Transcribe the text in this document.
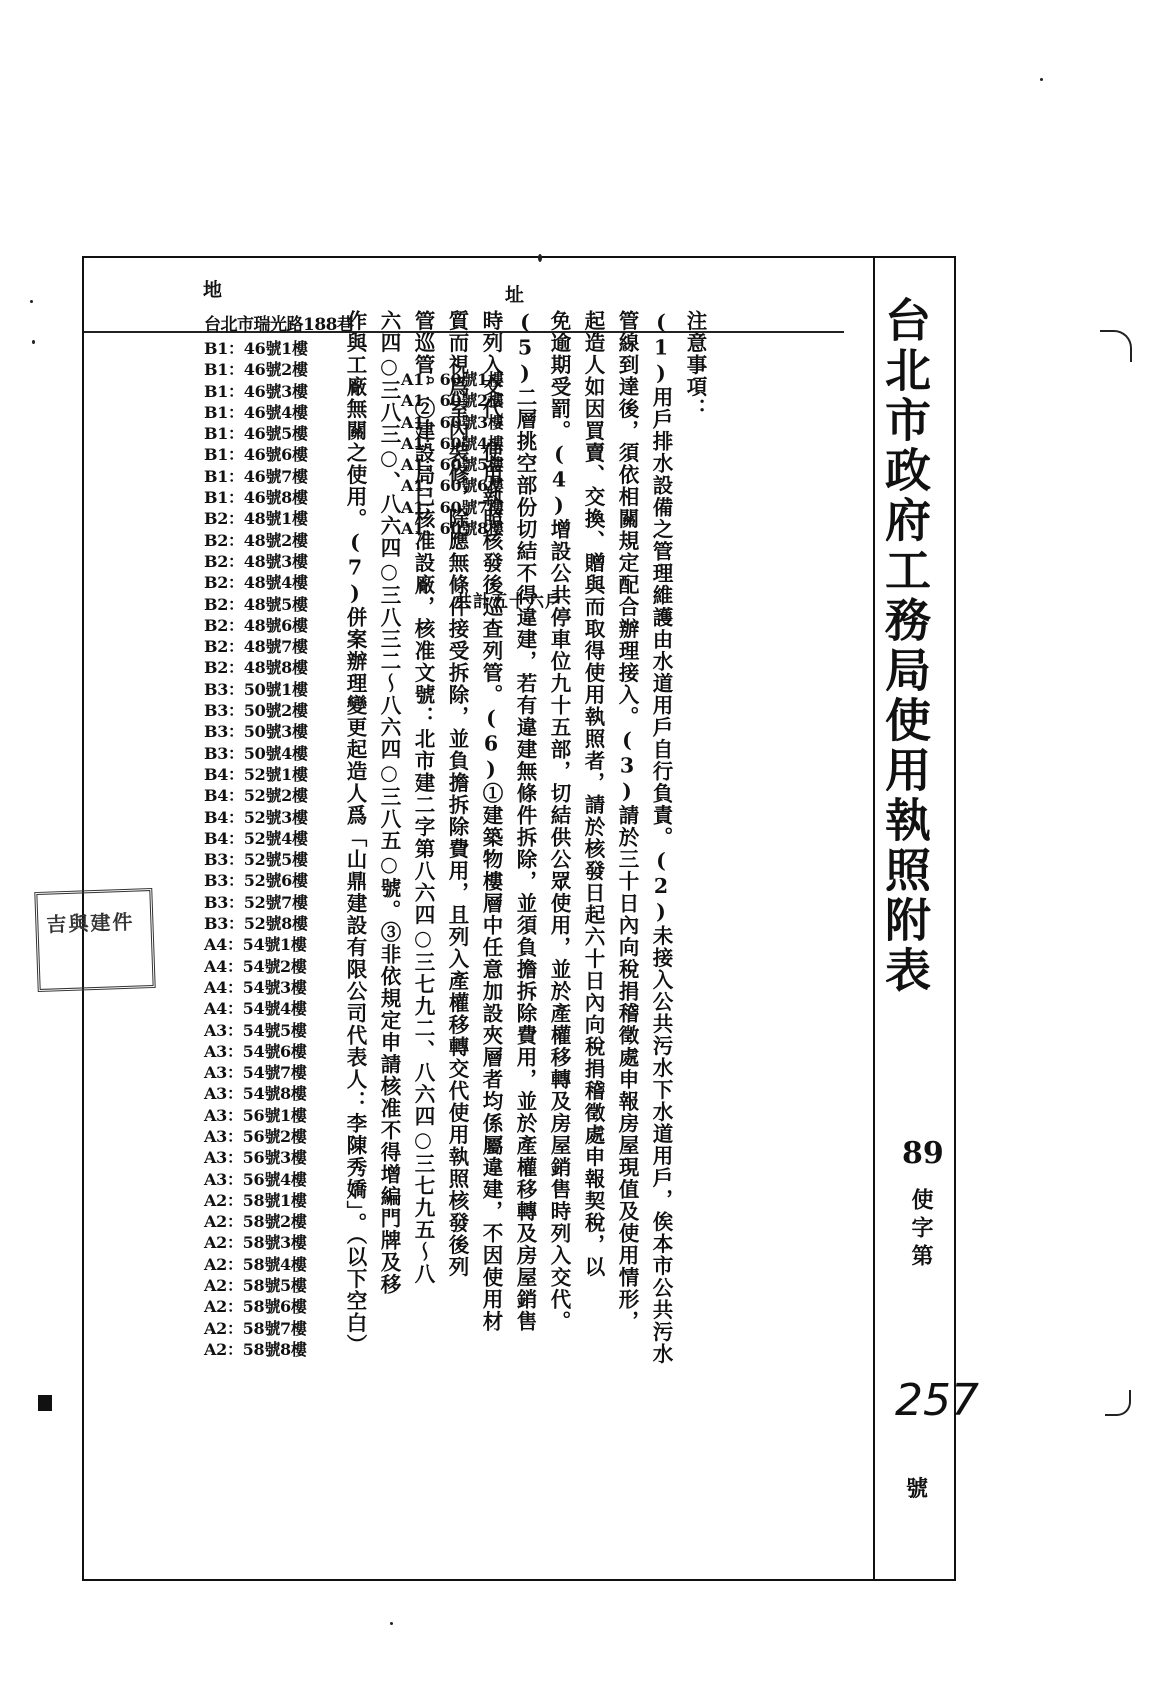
地	址
台北市瑞光路188巷
B1：46號1樓
B1：46號2樓
B1：46號3樓
B1：46號4樓
B1：46號5樓
B1：46號6樓
B1：46號7樓
B1：46號8樓
B2：48號1樓
B2：48號2樓
B2：48號3樓
B2：48號4樓
B2：48號5樓
B2：48號6樓
B2：48號7樓
B2：48號8樓
B3：50號1樓
B3：50號2樓
B3：50號3樓
B3：50號4樓
B4：52號1樓
B4：52號2樓
B4：52號3樓
B4：52號4樓
B3：52號5樓
B3：52號6樓
B3：52號7樓
B3：52號8樓
A4：54號1樓
A4：54號2樓
A4：54號3樓
A4：54號4樓
A3：54號5樓
A3：54號6樓
A3：54號7樓
A3：54號8樓
A3：56號1樓
A3：56號2樓
A3：56號3樓
A3：56號4樓
A2：58號1樓
A2：58號2樓
A2：58號3樓
A2：58號4樓
A2：58號5樓
A2：58號6樓
A2：58號7樓
A2：58號8樓
A1：60號1樓
A1：60號2樓
A1：60號3樓
A1：60號4樓
A1：60號5樓
A1：60號6樓
A1：60號7樓
A1：60號8樓
共計五十六戶

注意事項：

(1)用戶排水設備之管理維護由水道用戶自行負責。(2)未接入公共污水下水道用戶，俟本市公共污水

管線到達後，須依相關規定配合辦理接入。(3)請於三十日內向稅捐稽徵處申報房屋現值及使用情形，

起造人如因買賣、交換、贈與而取得使用執照者，請於核發日起六十日內向稅捐稽徵處申報契稅，以

免逾期受罰。(4)增設公共停車位九十五部，切結供公眾使用，並於產權移轉及房屋銷售時列入交代。

(5)二層挑空部份切結不得違建，若有違建無條件拆除，並須負擔拆除費用，並於產權移轉及房屋銷售

時列入交代，使用執照核發後巡查列管。(6)①建築物樓層中任意加設夾層者均係屬違建，不因使用材

質而視爲室內裝修，除應無條件接受拆除，並負擔拆除費用，且列入產權移轉交代使用執照核發後列

管巡管。②建設局已核准設廠，核准文號：北市建二字第八六四○三七九二、八六四○三七九五～八

六四○三八三○、八六四○三八三二～八六四○三八五○號。③非依規定申請核准不得增編門牌及移

作與工廠無關之使用。(7)併案辦理變更起造人爲「山鼎建設有限公司代表人：李陳秀嬌」。（以下空白）	台北市政府工務局使用執照附表
89
使字第
257
號
吉與建件
